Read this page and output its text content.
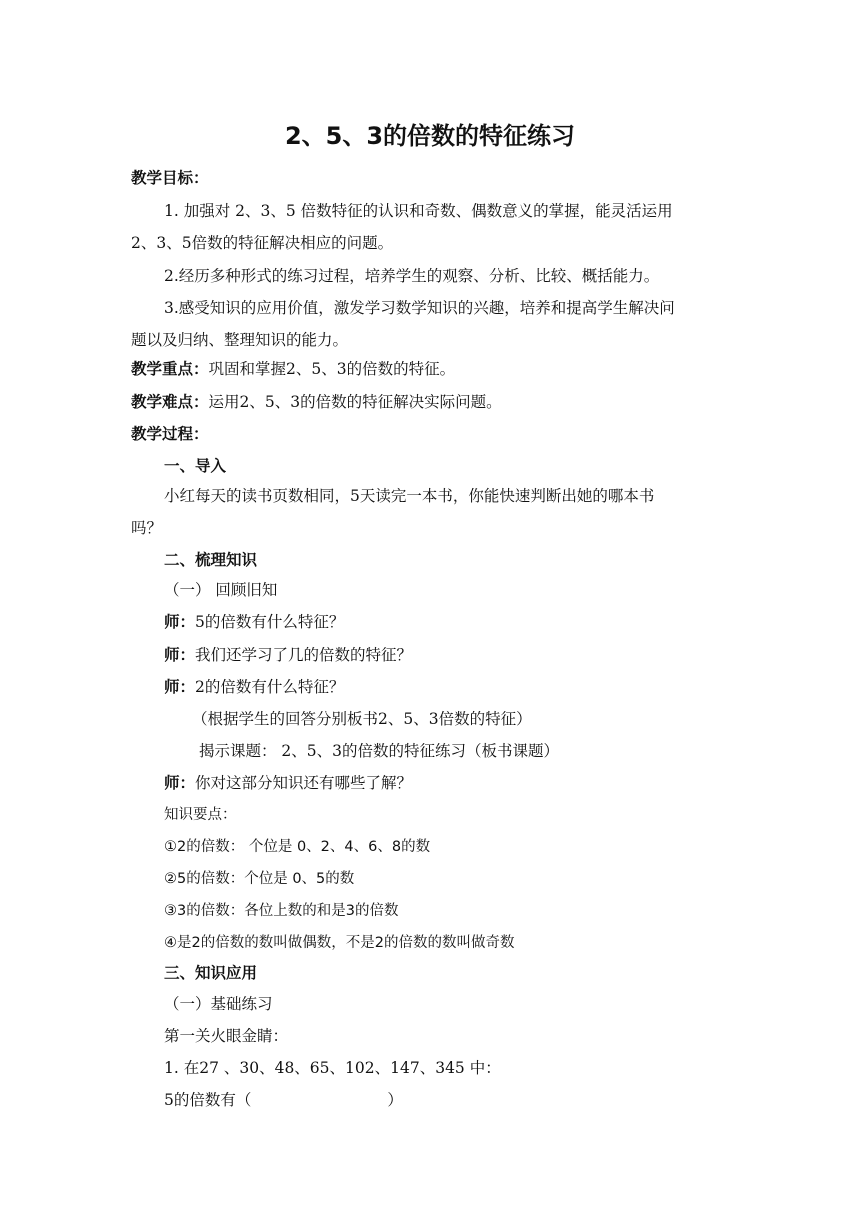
2、5、3的倍数的特征练习
教学目标：
1. 加强对 2、3、5 倍数特征的认识和奇数、偶数意义的掌握，能灵活运用
2、3、5倍数的特征解决相应的问题。
2.经历多种形式的练习过程，培养学生的观察、分析、比较、概括能力。
3.感受知识的应用价值，激发学习数学知识的兴趣，培养和提高学生解决问
题以及归纳、整理知识的能力。
教学重点：巩固和掌握2、5、3的倍数的特征。
教学难点：运用2、5、3的倍数的特征解决实际问题。
教学过程：
一、导入
小红每天的读书页数相同，5天读完一本书，你能快速判断出她的哪本书
吗？
二、梳理知识
（一） 回顾旧知
师：5的倍数有什么特征？
师：我们还学习了几的倍数的特征？
师：2的倍数有什么特征？
（根据学生的回答分别板书2、5、3倍数的特征）
揭示课题： 2、5、3的倍数的特征练习（板书课题）
师：你对这部分知识还有哪些了解？
知识要点：
①2的倍数： 个位是 0、2、4、6、8的数
②5的倍数：个位是 0、5的数
③3的倍数：各位上数的和是3的倍数
④是2的倍数的数叫做偶数，不是2的倍数的数叫做奇数
三、知识应用
（一）基础练习
第一关火眼金睛：
1. 在27 、30、48、65、102、147、345 中：
5的倍数有（	）
